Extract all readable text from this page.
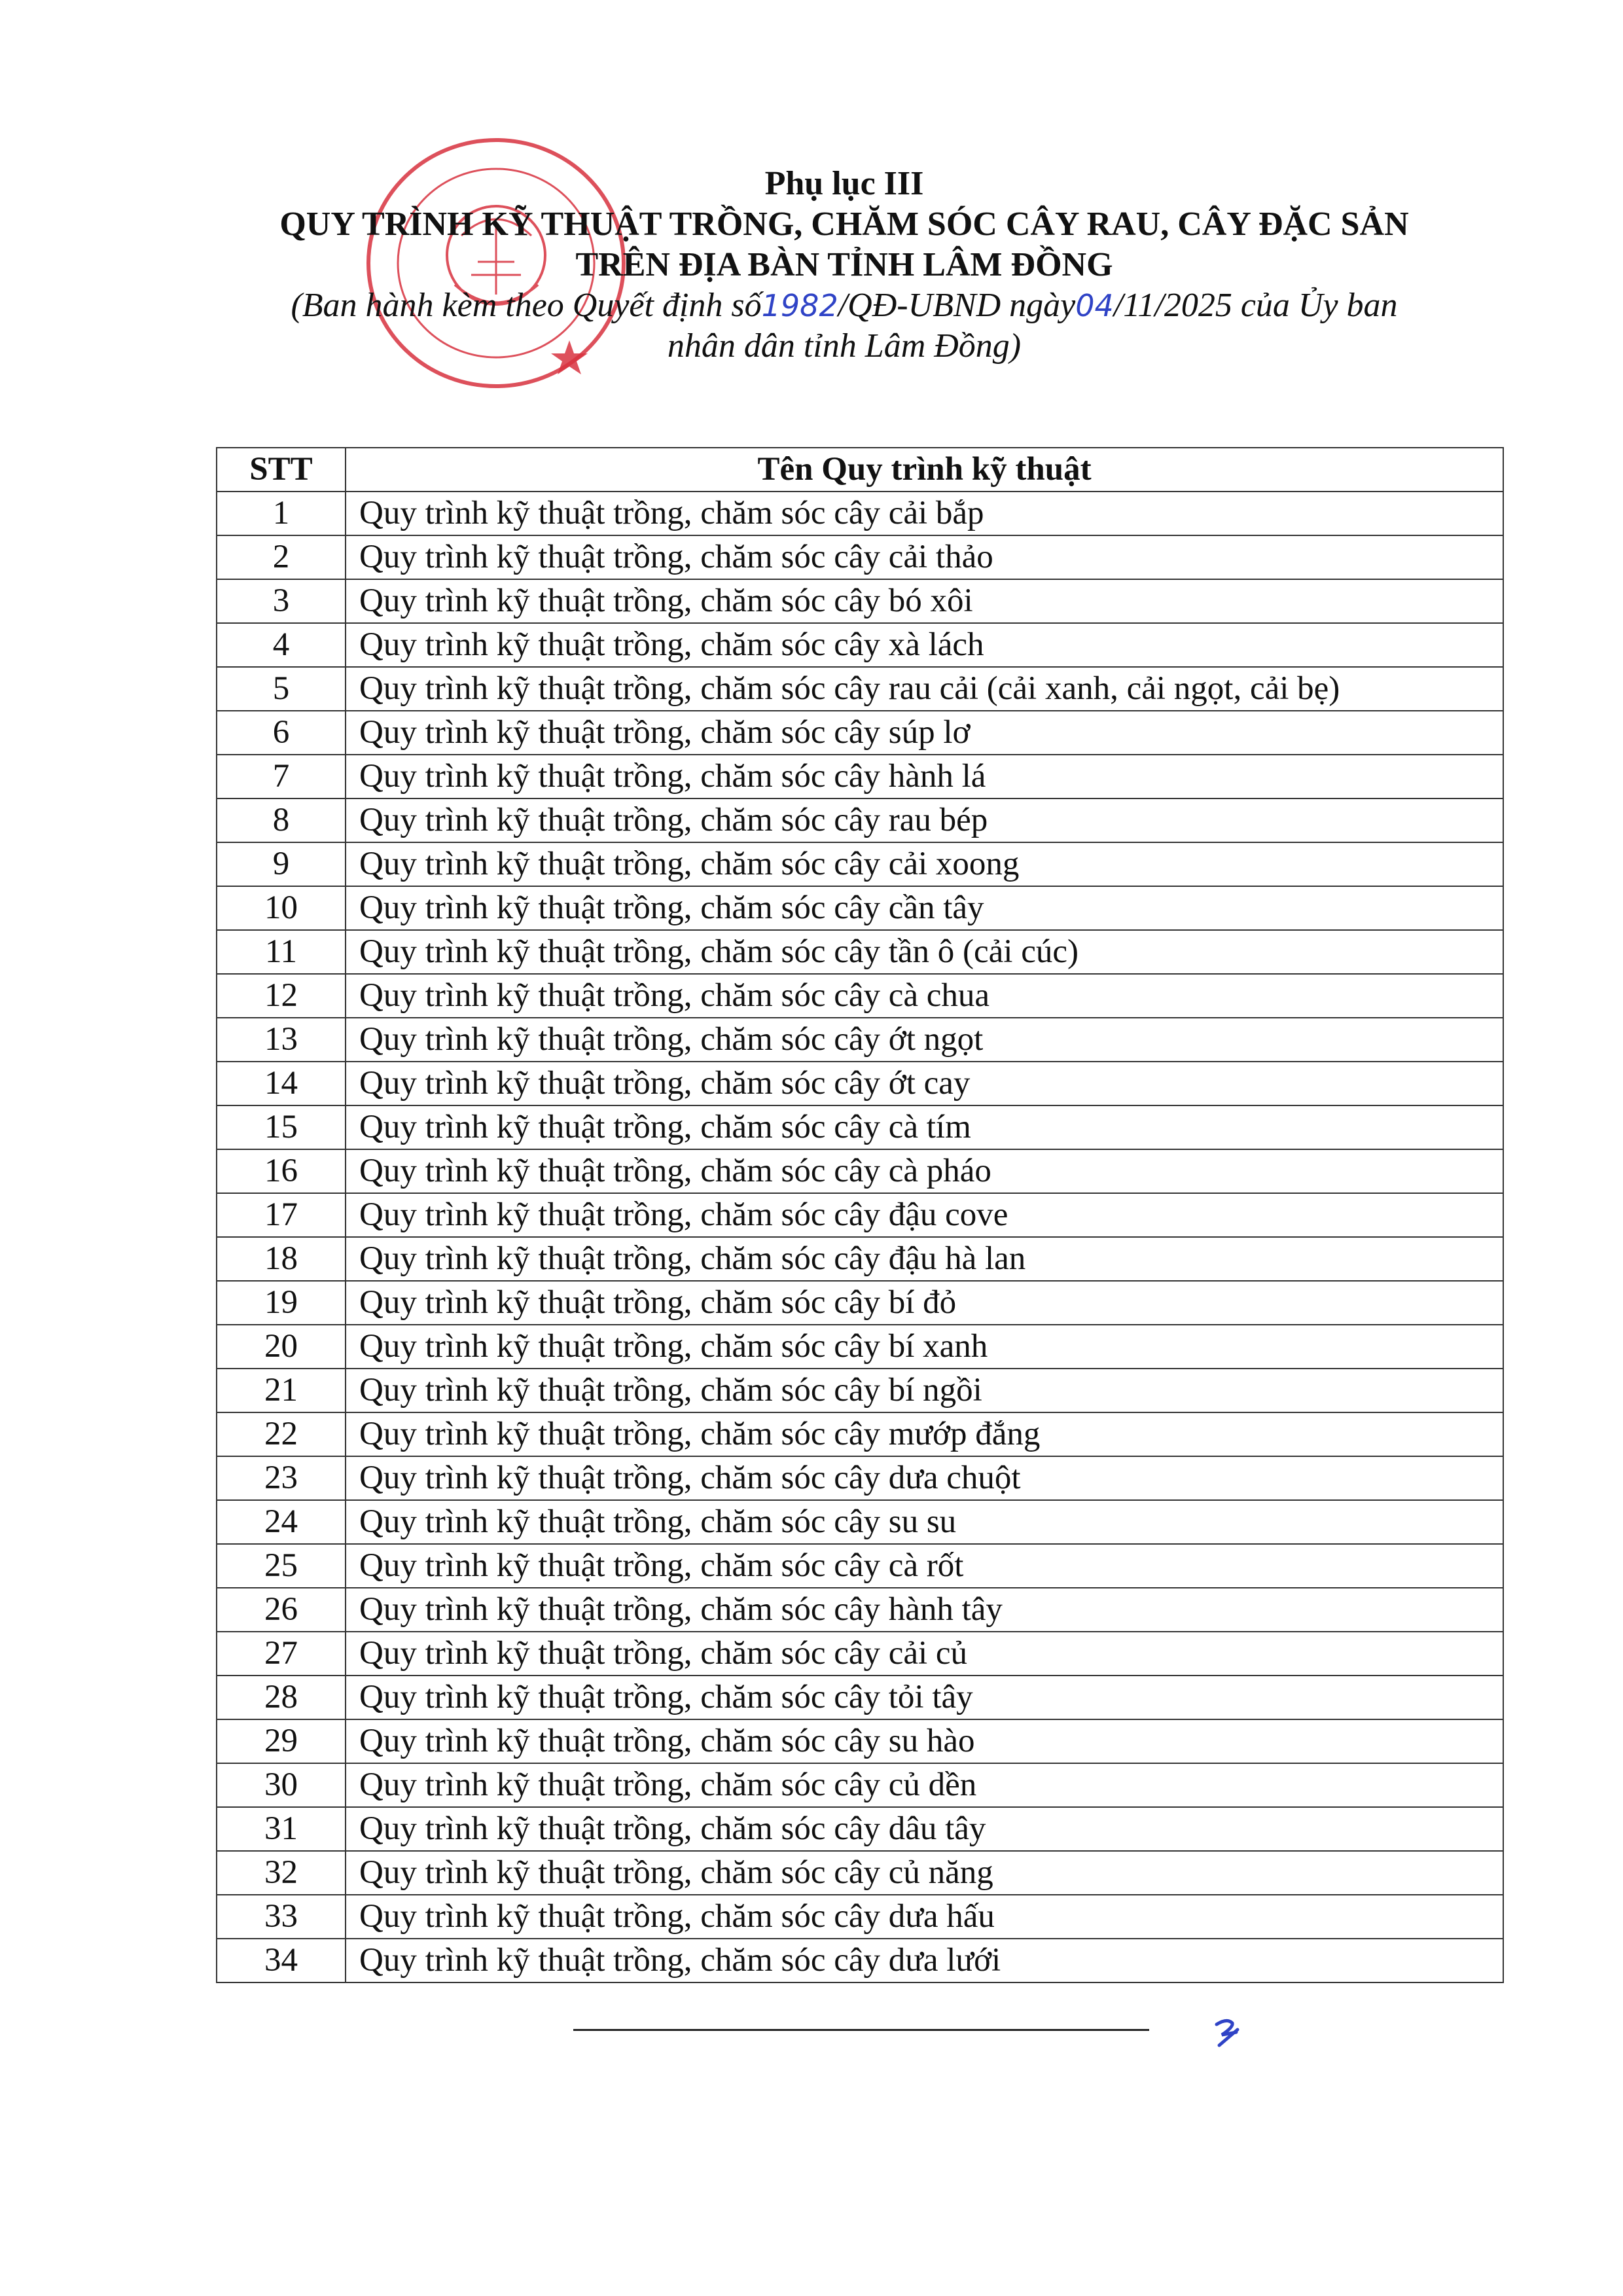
Phụ lục III
QUY TRÌNH KỸ THUẬT TRỒNG, CHĂM SÓC CÂY RAU, CÂY ĐẶC SẢN
TRÊN ĐỊA BÀN TỈNH LÂM ĐỒNG
(Ban hành kèm theo Quyết định số1982/QĐ-UBND ngày04/11/2025 của Ủy ban
nhân dân tỉnh Lâm Đồng)
STT	Tên Quy trình kỹ thuật
1	Quy trình kỹ thuật trồng, chăm sóc cây cải bắp
2	Quy trình kỹ thuật trồng, chăm sóc cây cải thảo
3	Quy trình kỹ thuật trồng, chăm sóc cây bó xôi
4	Quy trình kỹ thuật trồng, chăm sóc cây xà lách
5	Quy trình kỹ thuật trồng, chăm sóc cây rau cải (cải xanh, cải ngọt, cải bẹ)
6	Quy trình kỹ thuật trồng, chăm sóc cây súp lơ
7	Quy trình kỹ thuật trồng, chăm sóc cây hành lá
8	Quy trình kỹ thuật trồng, chăm sóc cây rau bép
9	Quy trình kỹ thuật trồng, chăm sóc cây cải xoong
10	Quy trình kỹ thuật trồng, chăm sóc cây cần tây
11	Quy trình kỹ thuật trồng, chăm sóc cây tần ô (cải cúc)
12	Quy trình kỹ thuật trồng, chăm sóc cây cà chua
13	Quy trình kỹ thuật trồng, chăm sóc cây ớt ngọt
14	Quy trình kỹ thuật trồng, chăm sóc cây ớt cay
15	Quy trình kỹ thuật trồng, chăm sóc cây cà tím
16	Quy trình kỹ thuật trồng, chăm sóc cây cà pháo
17	Quy trình kỹ thuật trồng, chăm sóc cây đậu cove
18	Quy trình kỹ thuật trồng, chăm sóc cây đậu hà lan
19	Quy trình kỹ thuật trồng, chăm sóc cây bí đỏ
20	Quy trình kỹ thuật trồng, chăm sóc cây bí xanh
21	Quy trình kỹ thuật trồng, chăm sóc cây bí ngồi
22	Quy trình kỹ thuật trồng, chăm sóc cây mướp đắng
23	Quy trình kỹ thuật trồng, chăm sóc cây dưa chuột
24	Quy trình kỹ thuật trồng, chăm sóc cây su su
25	Quy trình kỹ thuật trồng, chăm sóc cây cà rốt
26	Quy trình kỹ thuật trồng, chăm sóc cây hành tây
27	Quy trình kỹ thuật trồng, chăm sóc cây cải củ
28	Quy trình kỹ thuật trồng, chăm sóc cây tỏi tây
29	Quy trình kỹ thuật trồng, chăm sóc cây su hào
30	Quy trình kỹ thuật trồng, chăm sóc cây củ dền
31	Quy trình kỹ thuật trồng, chăm sóc cây dâu tây
32	Quy trình kỹ thuật trồng, chăm sóc cây củ năng
33	Quy trình kỹ thuật trồng, chăm sóc cây dưa hấu
34	Quy trình kỹ thuật trồng, chăm sóc cây dưa lưới
